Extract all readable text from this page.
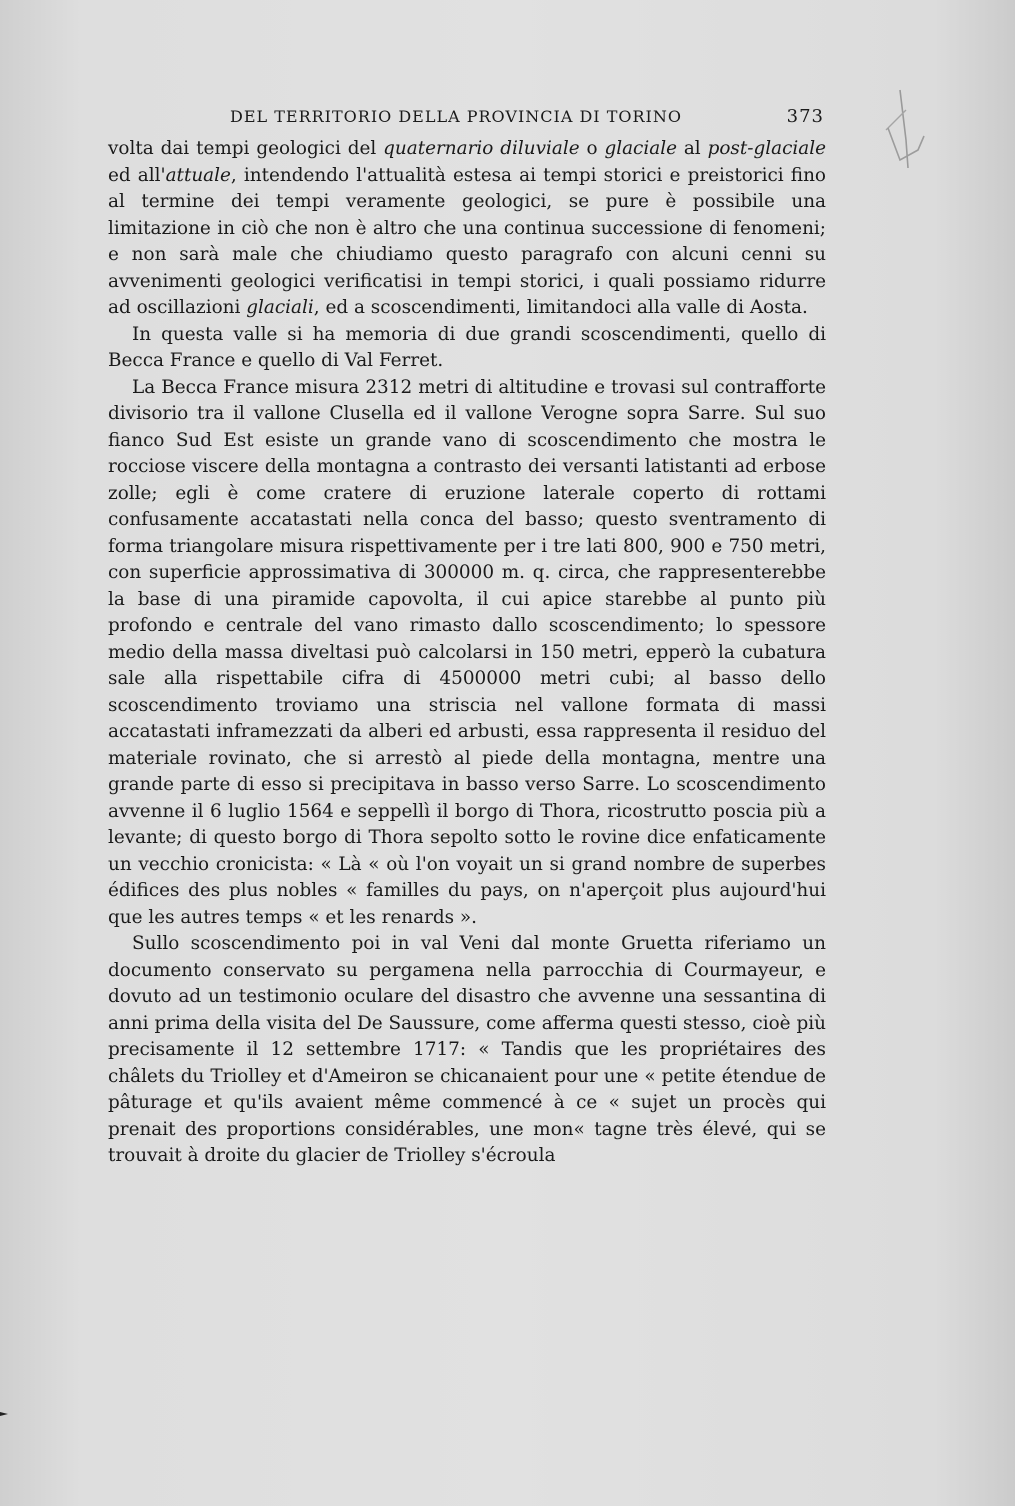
DEL TERRITORIO DELLA PROVINCIA DI TORINO	373

volta dai tempi geologici del quaternario diluviale o glaciale al post-glaciale ed all'attuale, intendendo l'attualità estesa ai tempi storici e preistorici fino al termine dei tempi veramente geologici, se pure è possibile una limitazione in ciò che non è altro che una continua successione di fenomeni; e non sarà male che chiudiamo questo paragrafo con alcuni cenni su avvenimenti geologici verificatisi in tempi storici, i quali possiamo ridurre ad oscillazioni glaciali, ed a scoscendimenti, limitandoci alla valle di Aosta.

In questa valle si ha memoria di due grandi scoscendimenti, quello di Becca France e quello di Val Ferret.

La Becca France misura 2312 metri di altitudine e trovasi sul contrafforte divisorio tra il vallone Clusella ed il vallone Verogne sopra Sarre. Sul suo fianco Sud Est esiste un grande vano di scoscendimento che mostra le rocciose viscere della montagna a contrasto dei versanti latistanti ad erbose zolle; egli è come cratere di eruzione laterale coperto di rottami confusamente accatastati nella conca del basso; questo sventramento di forma triangolare misura rispettivamente per i tre lati 800, 900 e 750 metri, con superficie approssimativa di 300000 m. q. circa, che rappresenterebbe la base di una piramide capovolta, il cui apice starebbe al punto più profondo e centrale del vano rimasto dallo scoscendimento; lo spessore medio della massa diveltasi può calcolarsi in 150 metri, epperò la cubatura sale alla rispettabile cifra di 4500000 metri cubi; al basso dello scoscendimento troviamo una striscia nel vallone formata di massi accatastati inframezzati da alberi ed arbusti, essa rappresenta il residuo del materiale rovinato, che si arrestò al piede della montagna, mentre una grande parte di esso si precipitava in basso verso Sarre. Lo scoscendimento avvenne il 6 luglio 1564 e seppellì il borgo di Thora, ricostrutto poscia più a levante; di questo borgo di Thora sepolto sotto le rovine dice enfaticamente un vecchio cronicista: « Là « où l'on voyait un si grand nombre de superbes édifices des plus nobles « familles du pays, on n'aperçoit plus aujourd'hui que les autres temps « et les renards ».

Sullo scoscendimento poi in val Veni dal monte Gruetta riferiamo un documento conservato su pergamena nella parrocchia di Courmayeur, e dovuto ad un testimonio oculare del disastro che avvenne una sessantina di anni prima della visita del De Saussure, come afferma questi stesso, cioè più precisamente il 12 settembre 1717: « Tandis que les propriétaires des châlets du Triolley et d'Ameiron se chicanaient pour une « petite étendue de pâturage et qu'ils avaient même commencé à ce « sujet un procès qui prenait des proportions considérables, une mon« tagne très élevé, qui se trouvait à droite du glacier de Triolley s'écroula
